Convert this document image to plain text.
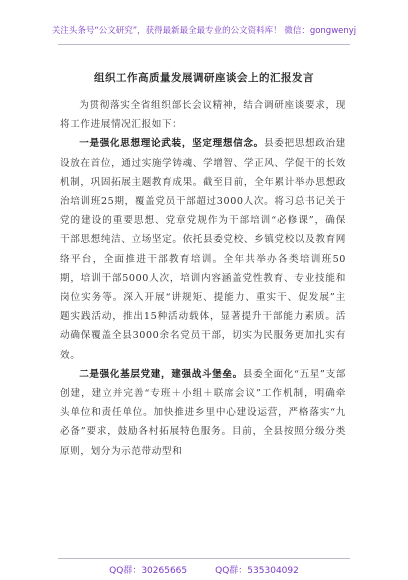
关注头条号“公文研究”，获得最新最全最专业的公文资料库！ 微信：gongwenyj
组织工作高质量发展调研座谈会上的汇报发言

为贯彻落实全省组织部长会议精神，结合调研座谈要求，现将工作进展情况汇报如下：

一是强化思想理论武装，坚定理想信念。县委把思想政治建设放在首位，通过实施学铸魂、学增智、学正风、学促干的长效机制，巩固拓展主题教育成果。截至目前，全年累计举办思想政治培训班25期，覆盖党员干部超过3000人次。将习总书记关于党的建设的重要思想、党章党规作为干部培训“必修课”，确保干部思想纯洁、立场坚定。依托县委党校、乡镇党校以及教育网络平台，全面推进干部教育培训。全年共举办各类培训班50期，培训干部5000人次，培训内容涵盖党性教育、专业技能和岗位实务等。深入开展“讲规矩、提能力、重实干、促发展”主题实践活动，推出15种活动载体，显著提升干部能力素质。活动确保覆盖全县3000余名党员干部，切实为民服务更加扎实有效。

二是强化基层党建，建强战斗堡垒。县委全面化“五星”支部创建，建立并完善“专班＋小组＋联席会议”工作机制，明确牵头单位和责任单位。加快推进乡里中心建设运营，严格落实“九必备”要求，鼓励各村拓展特色服务。目前，全县按照分级分类原则，划分为示范带动型和

QQ群：30265665	QQ群：535304092
